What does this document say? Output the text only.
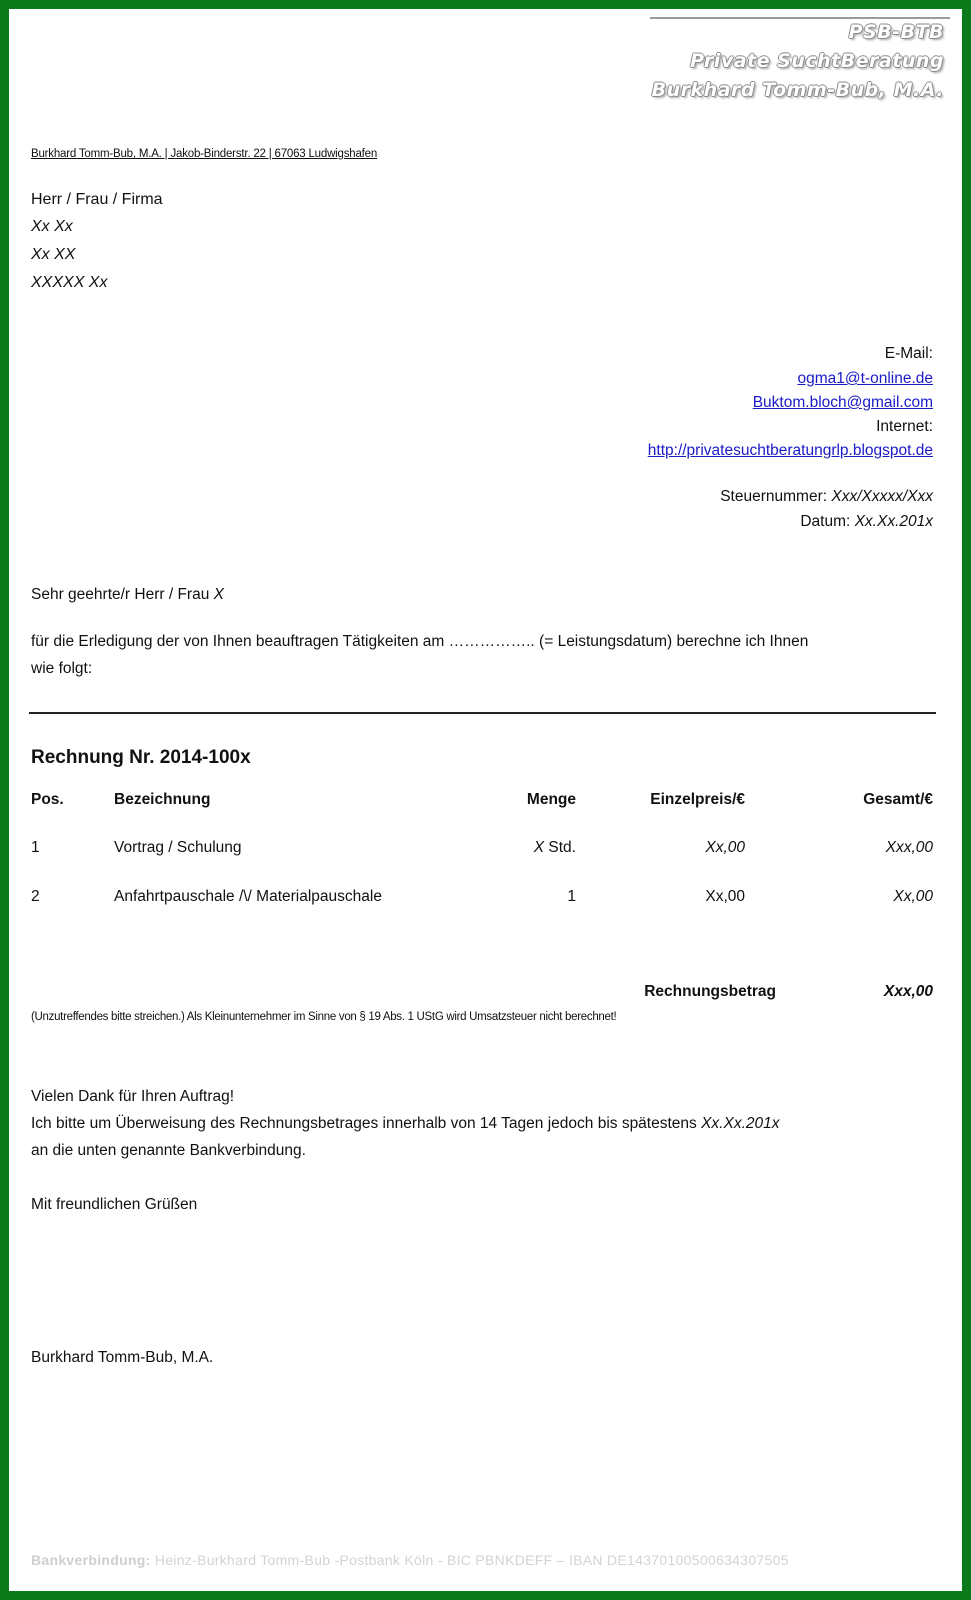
PSB-BTB
Private SuchtBeratung
Burkhard Tomm-Bub, M.A.
Burkhard Tomm-Bub, M.A. | Jakob-Binderstr. 22 | 67063 Ludwigshafen
Herr / Frau / Firma
Xx Xx
Xx XX
XXXXX Xx
E-Mail:
ogma1@t-online.de
Buktom.bloch@gmail.com
Internet:
http://privatesuchtberatungrlp.blogspot.de
Steuernummer: Xxx/Xxxxx/Xxx
Datum: Xx.Xx.201x
Sehr geehrte/r Herr / Frau X
für die Erledigung der von Ihnen beauftragen Tätigkeiten am …………….. (= Leistungsdatum) berechne ich Ihnen
wie folgt:
Rechnung Nr. 2014-100x
Pos.	Bezeichnung	Menge	Einzelpreis/€	Gesamt/€
1	Vortrag / Schulung	X Std.	Xx,00	Xxx,00
2	Anfahrtpauschale /\/ Materialpauschale	1	Xx,00	Xx,00
Rechnungsbetrag	Xxx,00
(Unzutreffendes bitte streichen.) Als Kleinunternehmer im Sinne von § 19 Abs. 1 UStG wird Umsatzsteuer nicht berechnet!
Vielen Dank für Ihren Auftrag!
Ich bitte um Überweisung des Rechnungsbetrages innerhalb von 14 Tagen jedoch bis spätestens Xx.Xx.201x
an die unten genannte Bankverbindung.
Mit freundlichen Grüßen
Burkhard Tomm-Bub, M.A.
Bankverbindung: Heinz-Burkhard Tomm-Bub -Postbank Köln - BIC PBNKDEFF – IBAN DE14370100500634307505
